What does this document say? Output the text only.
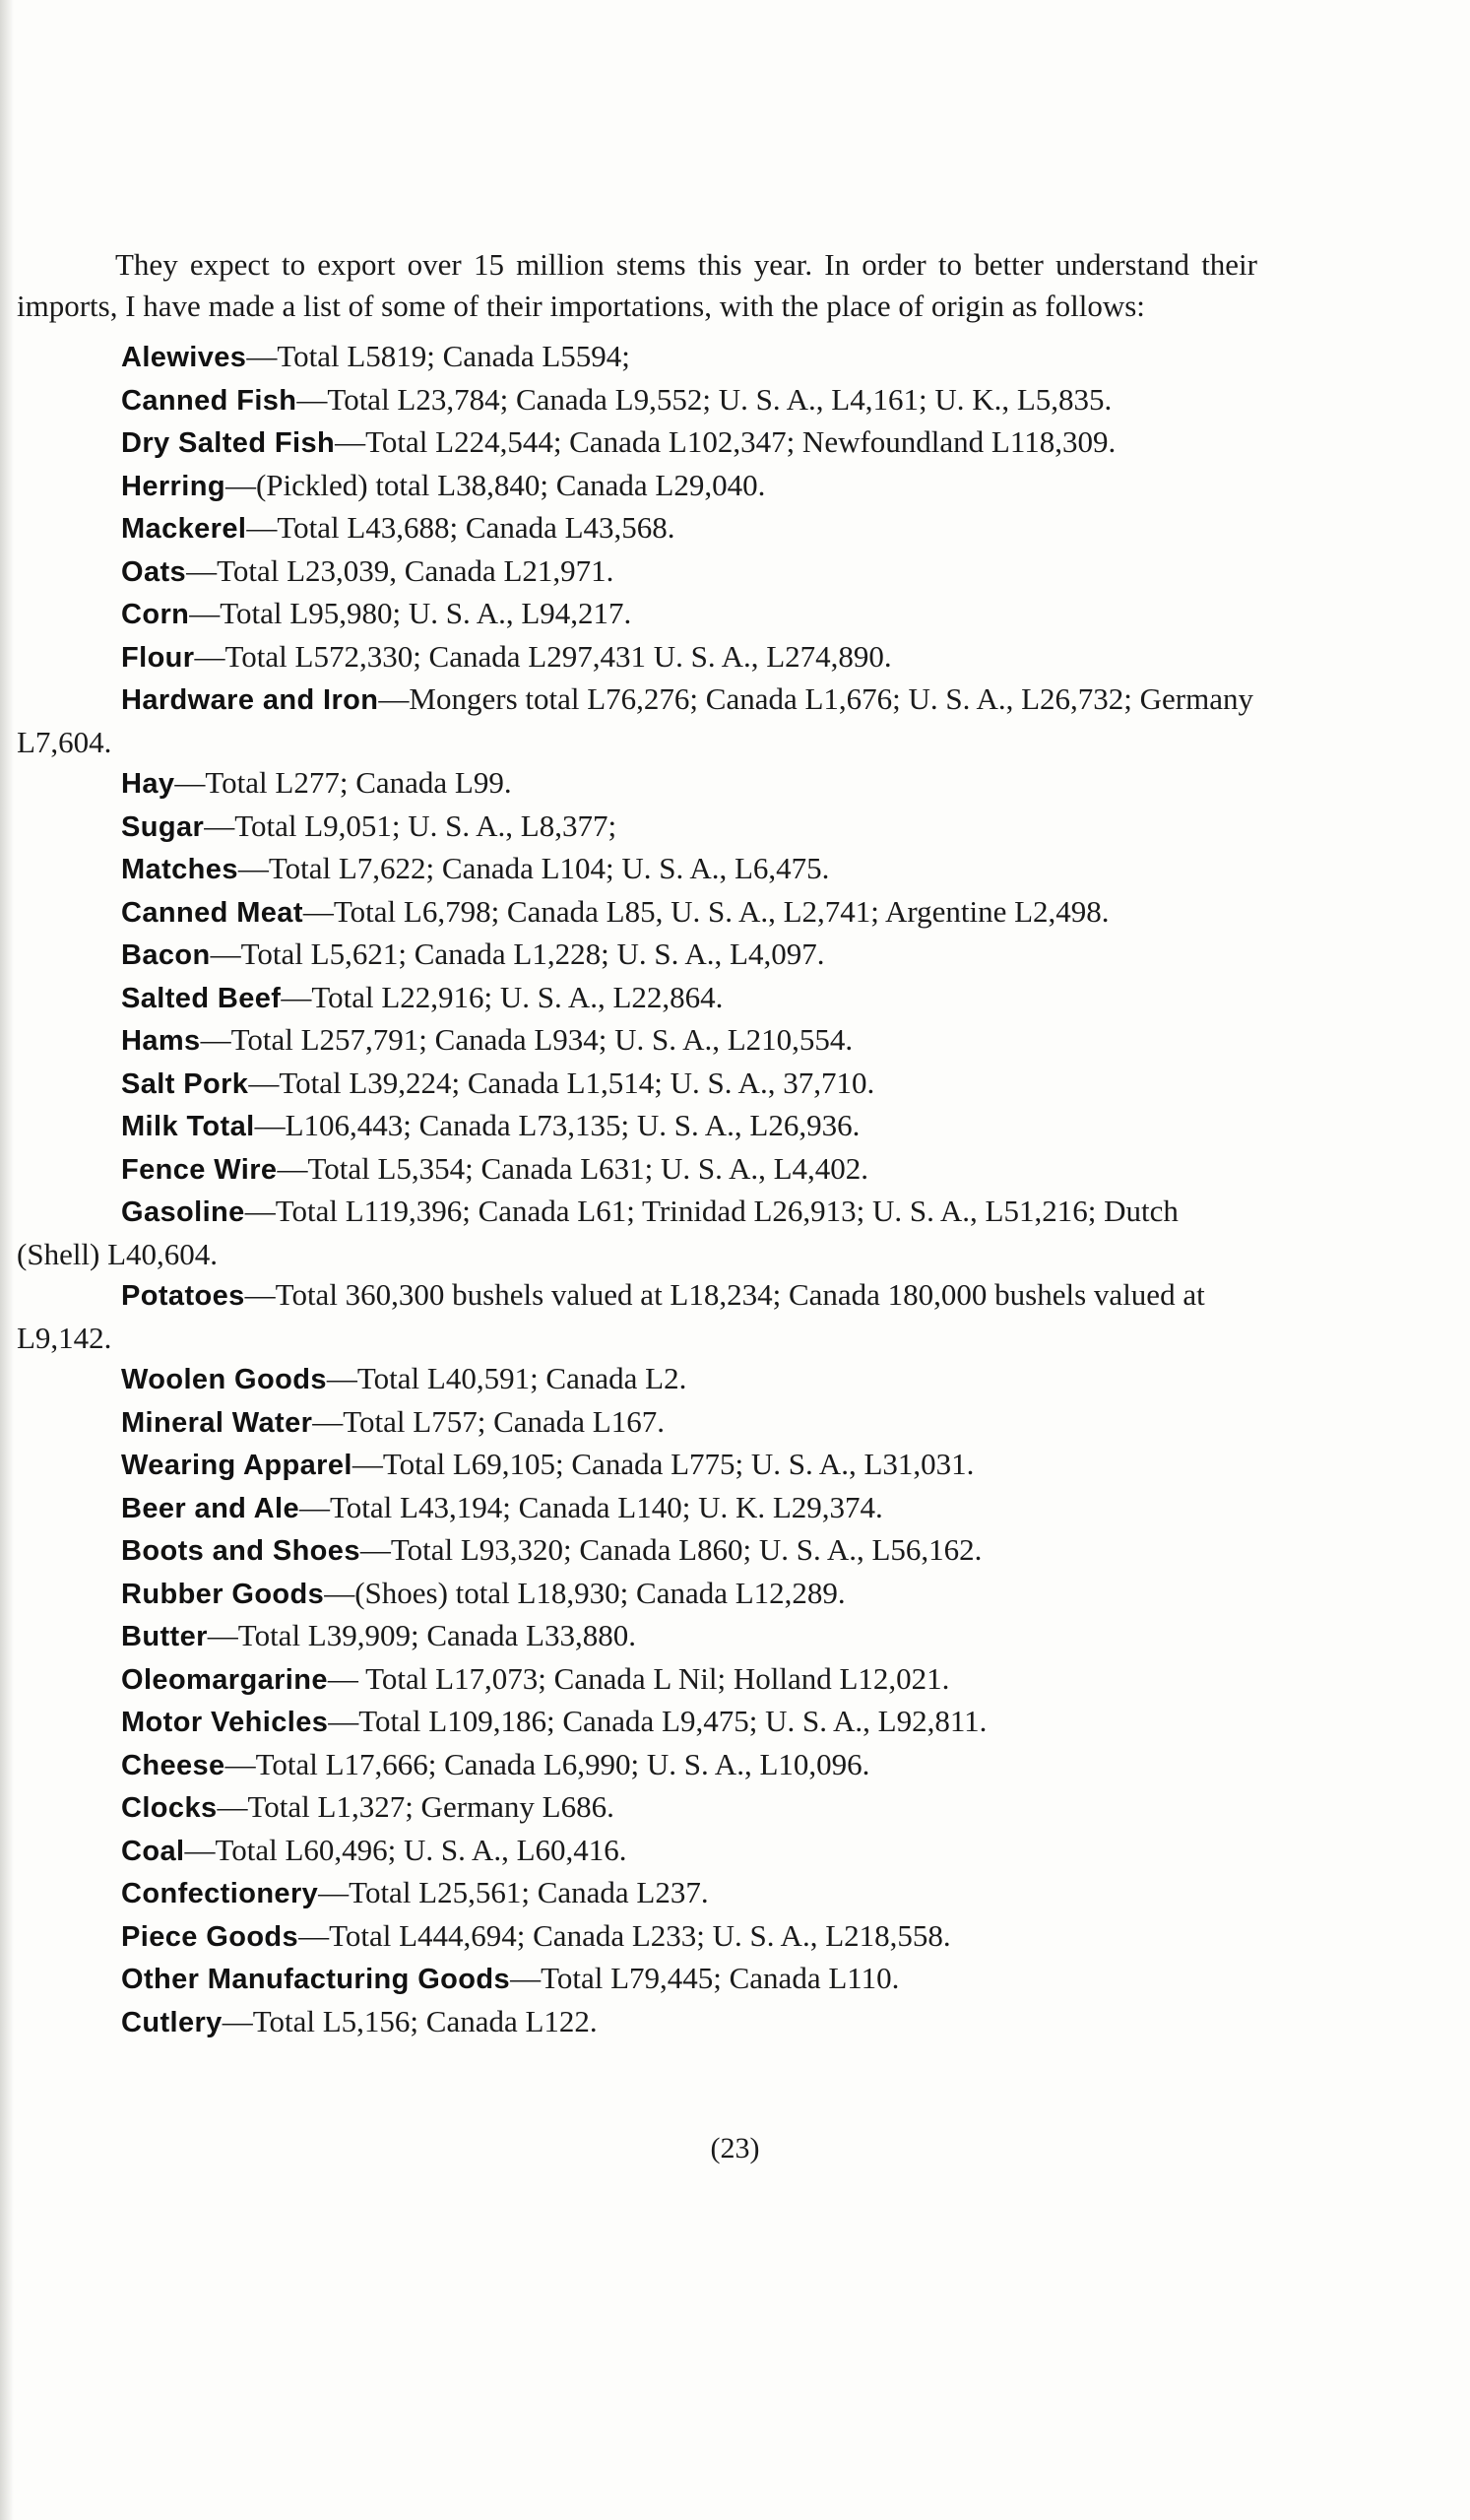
They expect to export over 15 million stems this year. In order to better understand their imports, I have made a list of some of their importations, with the place of origin as follows:

Alewives—Total L5819; Canada L5594;

Canned Fish—Total L23,784; Canada L9,552; U. S. A., L4,161; U. K., L5,835.

Dry Salted Fish—Total L224,544; Canada L102,347; Newfoundland L118,309.

Herring—(Pickled) total L38,840; Canada L29,040.

Mackerel—Total L43,688; Canada L43,568.

Oats—Total L23,039, Canada L21,971.

Corn—Total L95,980; U. S. A., L94,217.

Flour—Total L572,330; Canada L297,431 U. S. A., L274,890.

Hardware and Iron—Mongers total L76,276; Canada L1,676; U. S. A., L26,732; Germany L7,604.

Hay—Total L277; Canada L99.

Sugar—Total L9,051; U. S. A., L8,377;

Matches—Total L7,622; Canada L104; U. S. A., L6,475.

Canned Meat—Total L6,798; Canada L85, U. S. A., L2,741; Argentine L2,498.

Bacon—Total L5,621; Canada L1,228; U. S. A., L4,097.

Salted Beef—Total L22,916; U. S. A., L22,864.

Hams—Total L257,791; Canada L934; U. S. A., L210,554.

Salt Pork—Total L39,224; Canada L1,514; U. S. A., 37,710.

Milk Total—L106,443; Canada L73,135; U. S. A., L26,936.

Fence Wire—Total L5,354; Canada L631; U. S. A., L4,402.

Gasoline—Total L119,396; Canada L61; Trinidad L26,913; U. S. A., L51,216; Dutch (Shell) L40,604.

Potatoes—Total 360,300 bushels valued at L18,234; Canada 180,000 bushels valued at L9,142.

Woolen Goods—Total L40,591; Canada L2.

Mineral Water—Total L757; Canada L167.

Wearing Apparel—Total L69,105; Canada L775; U. S. A., L31,031.

Beer and Ale—Total L43,194; Canada L140; U. K. L29,374.

Boots and Shoes—Total L93,320; Canada L860; U. S. A., L56,162.

Rubber Goods—(Shoes) total L18,930; Canada L12,289.

Butter—Total L39,909; Canada L33,880.

Oleomargarine— Total L17,073; Canada L Nil; Holland L12,021.

Motor Vehicles—Total L109,186; Canada L9,475; U. S. A., L92,811.

Cheese—Total L17,666; Canada L6,990; U. S. A., L10,096.

Clocks—Total L1,327; Germany L686.

Coal—Total L60,496; U. S. A., L60,416.

Confectionery—Total L25,561; Canada L237.

Piece Goods—Total L444,694; Canada L233; U. S. A., L218,558.

Other Manufacturing Goods—Total L79,445; Canada L110.

Cutlery—Total L5,156; Canada L122.

(23)
